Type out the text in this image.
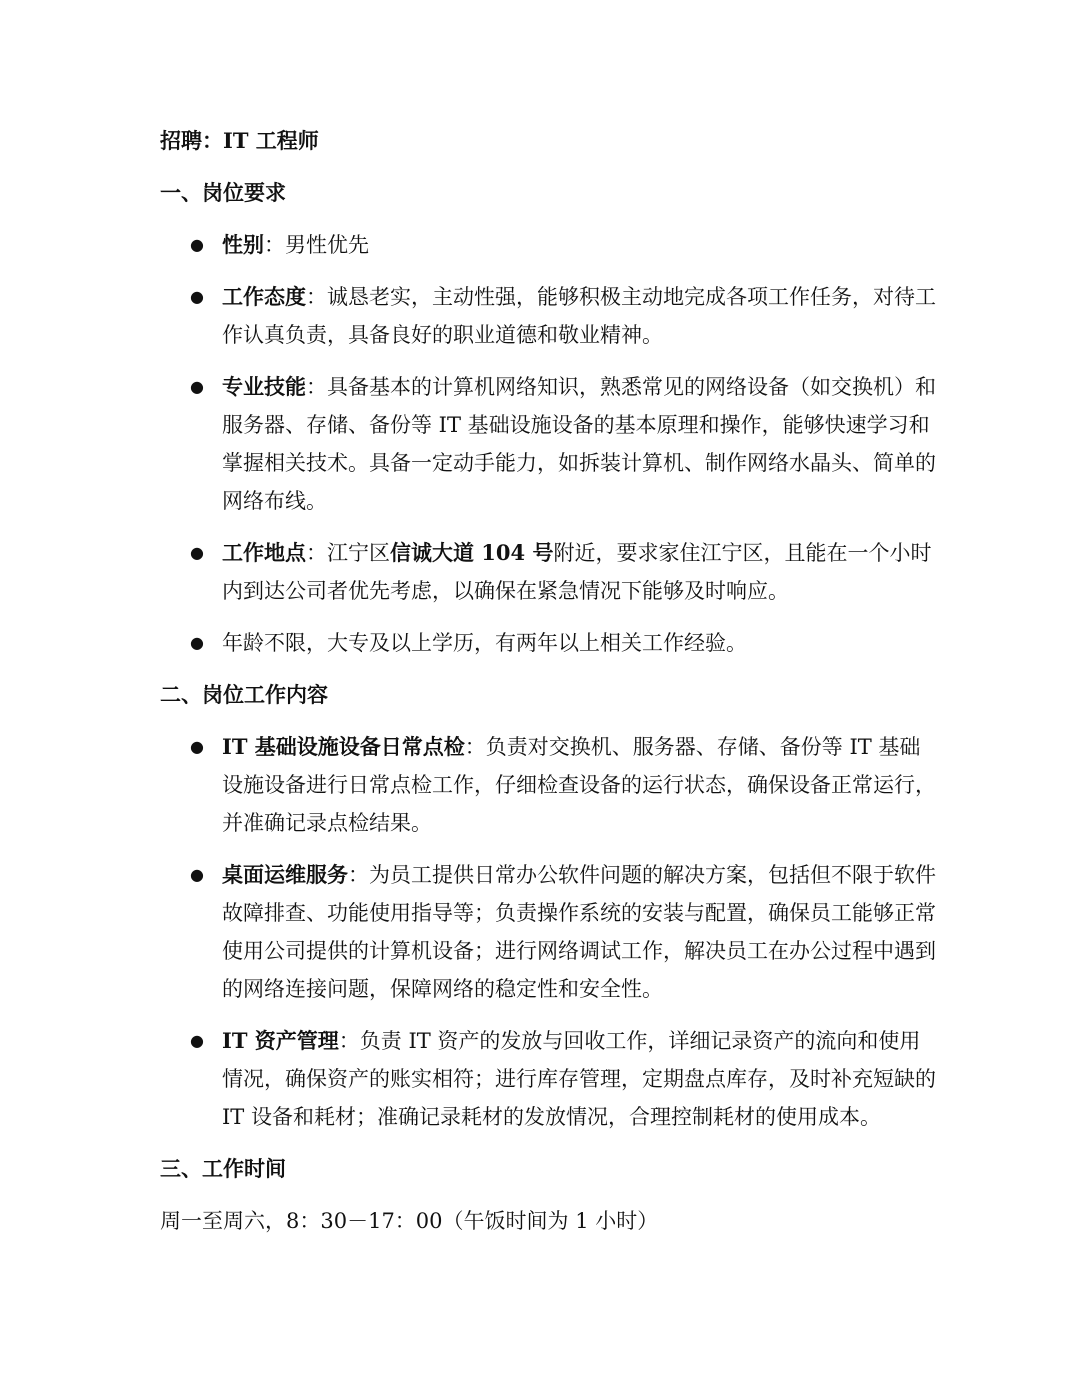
招聘：IT 工程师
一、岗位要求
● 性别：男性优先
● 工作态度：诚恳老实，主动性强，能够积极主动地完成各项工作任务，对待工作认真负责，具备良好的职业道德和敬业精神。
● 专业技能：具备基本的计算机网络知识，熟悉常见的网络设备（如交换机）和服务器、存储、备份等 IT 基础设施设备的基本原理和操作，能够快速学习和掌握相关技术。具备一定动手能力，如拆装计算机、制作网络水晶头、简单的网络布线。
● 工作地点：江宁区信诚大道 104 号附近，要求家住江宁区，且能在一个小时内到达公司者优先考虑，以确保在紧急情况下能够及时响应。
● 年龄不限，大专及以上学历，有两年以上相关工作经验。
二、岗位工作内容
● IT 基础设施设备日常点检：负责对交换机、服务器、存储、备份等 IT 基础设施设备进行日常点检工作，仔细检查设备的运行状态，确保设备正常运行，并准确记录点检结果。
● 桌面运维服务：为员工提供日常办公软件问题的解决方案，包括但不限于软件故障排查、功能使用指导等；负责操作系统的安装与配置，确保员工能够正常使用公司提供的计算机设备；进行网络调试工作，解决员工在办公过程中遇到的网络连接问题，保障网络的稳定性和安全性。
● IT 资产管理：负责 IT 资产的发放与回收工作，详细记录资产的流向和使用情况，确保资产的账实相符；进行库存管理，定期盘点库存，及时补充短缺的 IT 设备和耗材；准确记录耗材的发放情况，合理控制耗材的使用成本。
三、工作时间

周一至周六，8：30－17：00（午饭时间为 1 小时）
